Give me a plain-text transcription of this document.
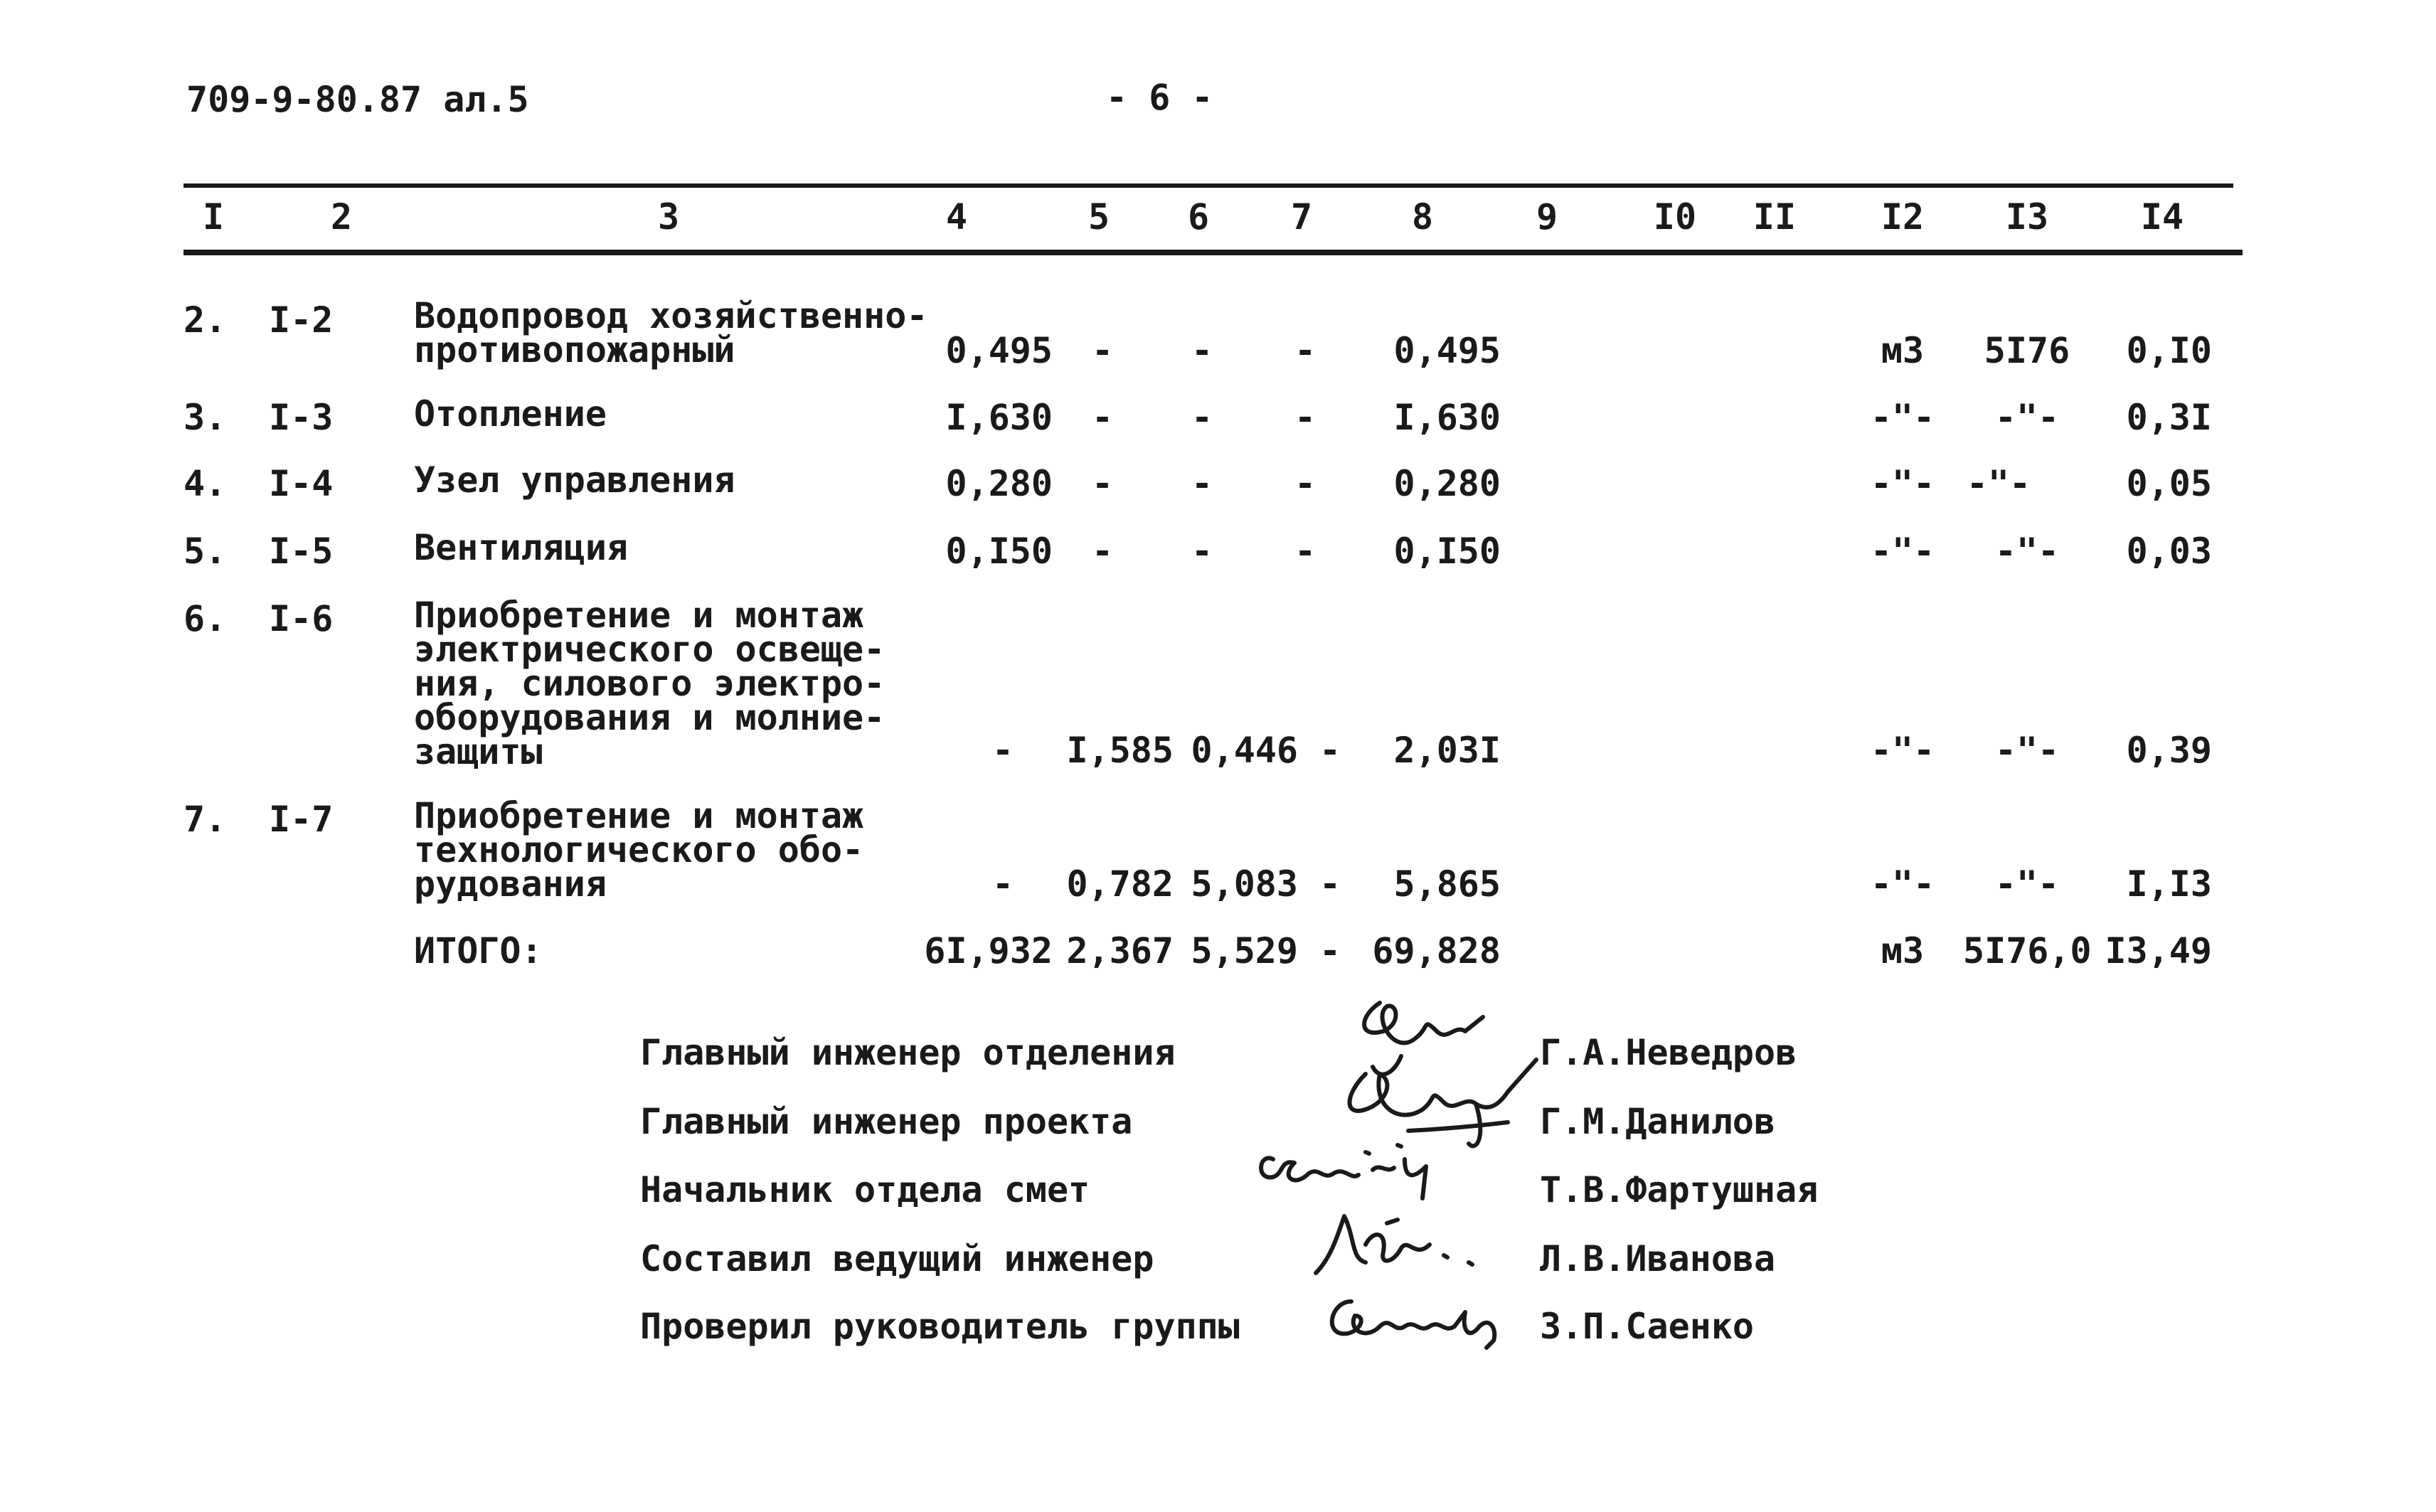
709-9-80.87 ал.5	- 6 -
I	2	3	4	5 6 7	8	9	I0 II I2 I3	I4
2. I-2 Водопровод хозяйственно-
противопожарный	0,495 - - -	0,495	м3	5I76	0,I0
3. I-3 Отопление	I,630 - - -	I,630	-"-	-"-	0,3I
4. I-4 Узел управления	0,280 - - -	0,280	-"- -"-	0,05
5. I-5 Вентиляция	0,I50 - - -	0,I50	-"-	-"-	0,03
6. I-6 Приобретение и монтаж
электрического освеще-
ния, силового электро-
оборудования и молние-
защиты	-	I,585 0,446 -	2,03I	-"-	-"-	0,39
7. I-7 Приобретение и монтаж
технологического обо-
рудования	-	0,782 5,083 -	5,865	-"-	-"-	I,I3
ИТОГО:	6I,932 2,367 5,529 - 69,828	м3	5I76,0 I3,49
Главный инженер отделения	Г.А.Неведров
Главный инженер проекта	Г.М.Данилов
Начальник отдела смет	Т.В.Фартушная
Составил ведущий инженер	Л.В.Иванова
Проверил руководитель группы	З.П.Саенко
